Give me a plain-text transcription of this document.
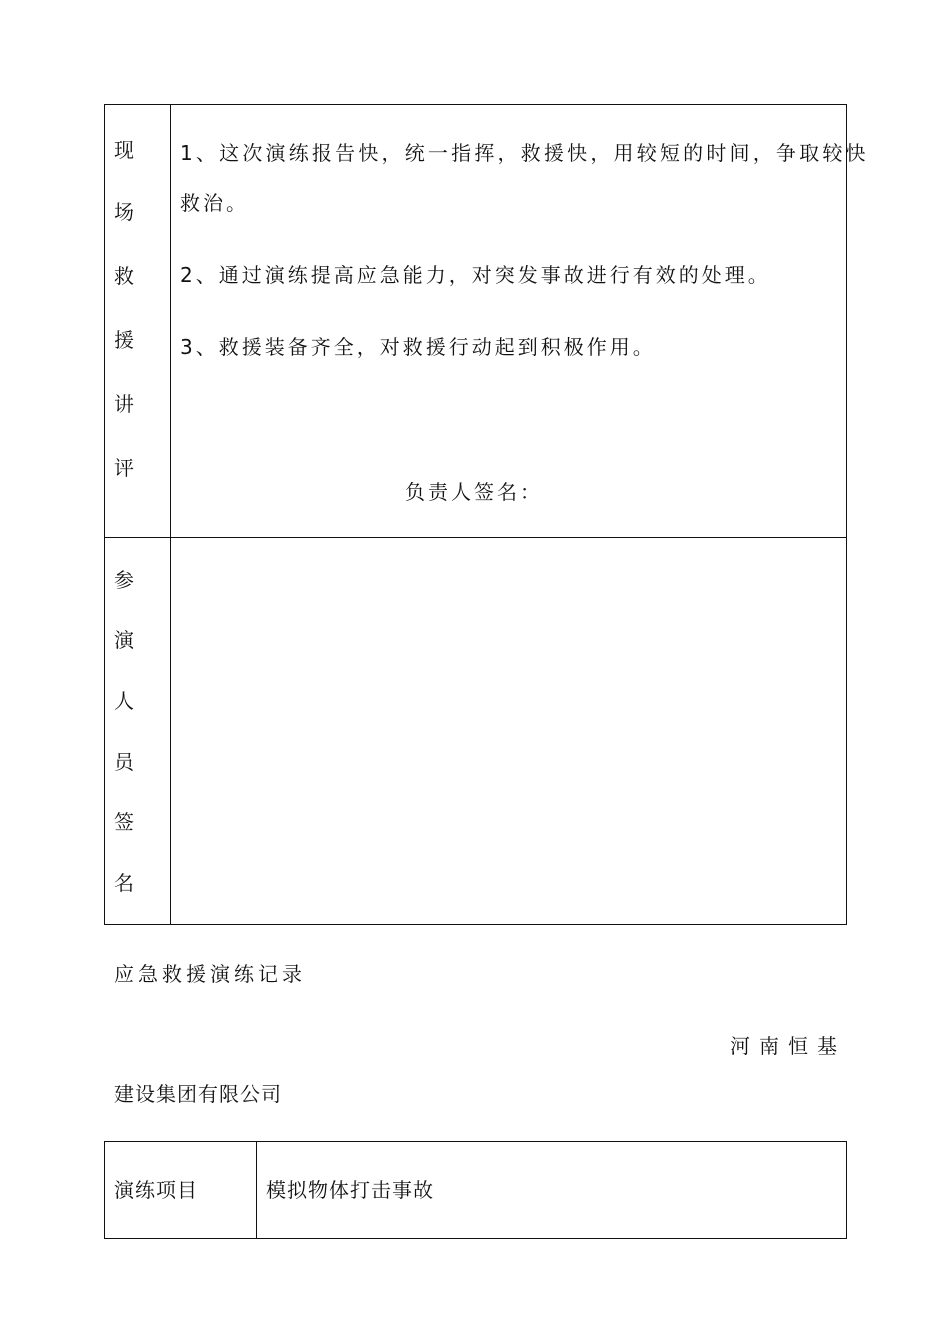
现
场
救
援
讲
评
1、这次演练报告快，统一指挥，救援快，用较短的时间，争取较快
救治。
2、通过演练提高应急能力，对突发事故进行有效的处理。
3、救援装备齐全，对救援行动起到积极作用。
负责人签名：
参
演
人
员
签
名
应急救援演练记录
河南恒基
建设集团有限公司
演练项目	模拟物体打击事故
